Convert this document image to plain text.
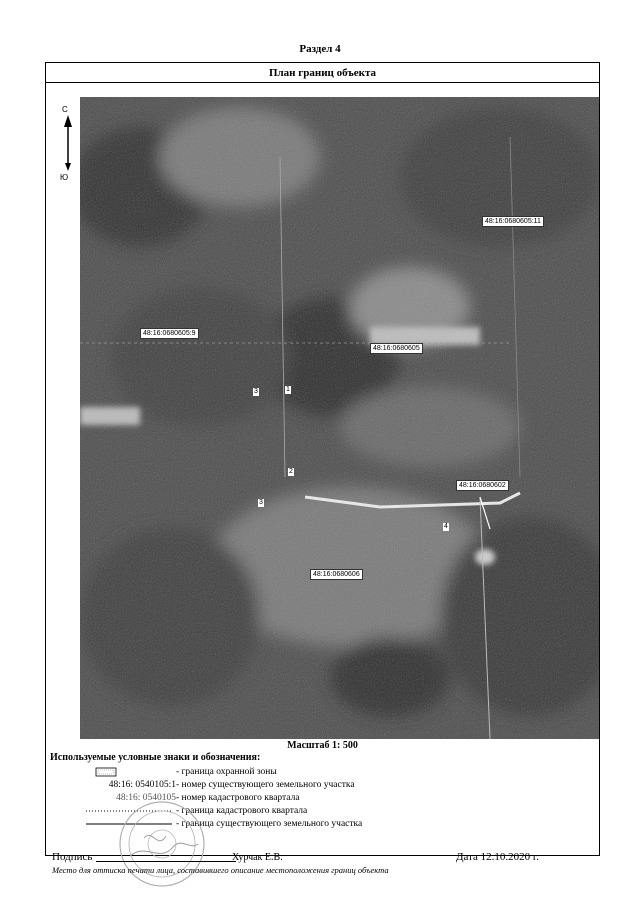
Раздел 4
План границ объекта
С
Ю
48:16:0680605:11
48:16:0680605:9
48:16:0680605
48:16:0680602
48:16:0680606
3	1
2
3
4
Масштаб 1: 500
Используемые условные знаки и обозначения:
- граница охранной зоны
48:16: 0540105:1 - номер существующего земельного участка
48:16: 0540105 - номер кадастрового квартала
- граница кадастрового квартала
- граница существующего земельного участка
Подпись	Хурчак Е.В.	Дата 12.10.2020 г.
Место для оттиска печати лица, составившего описание местоположения границ объекта
